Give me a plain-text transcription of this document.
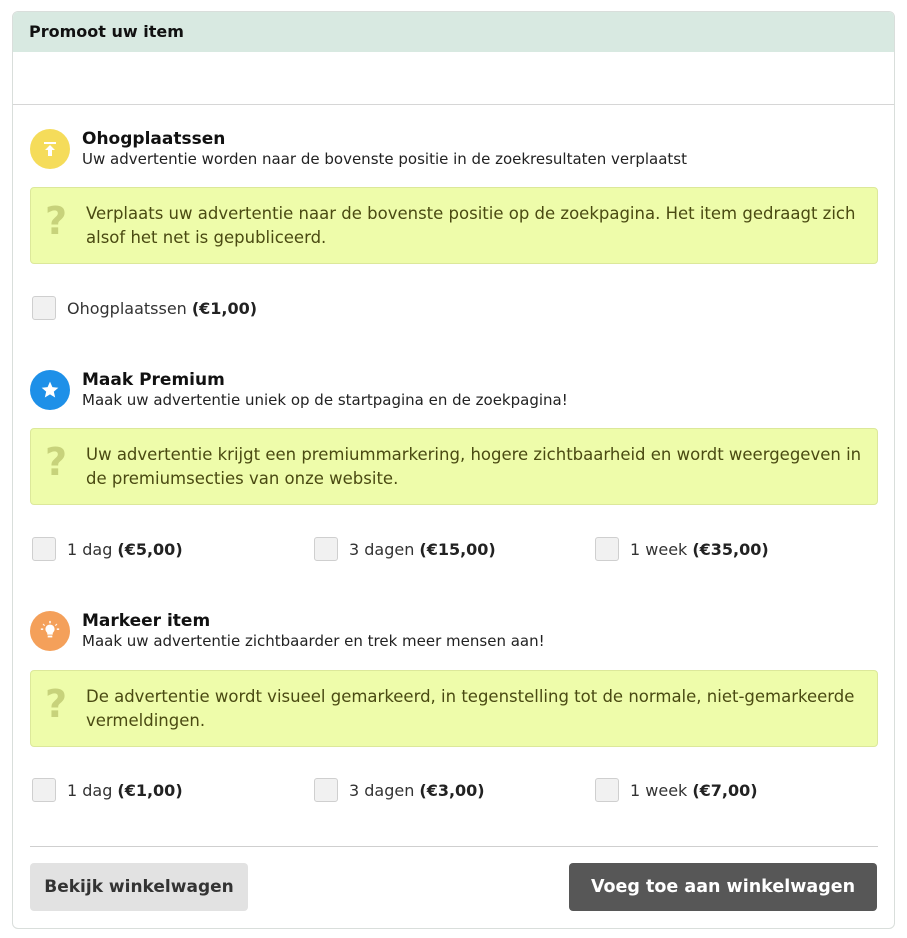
Promoot uw item
Ohogplaatssen
Uw advertentie worden naar de bovenste positie in de zoekresultaten verplaatst
? Verplaats uw advertentie naar de bovenste positie op de zoekpagina. Het item gedraagt zich alsof het net is gepubliceerd.
Ohogplaatssen (€1,00)
Maak Premium
Maak uw advertentie uniek op de startpagina en de zoekpagina!
? Uw advertentie krijgt een premiummarkering, hogere zichtbaarheid en wordt weergegeven in de premiumsecties van onze website.
1 dag (€5,00)	3 dagen (€15,00)	1 week (€35,00)
Markeer item
Maak uw advertentie zichtbaarder en trek meer mensen aan!
? De advertentie wordt visueel gemarkeerd, in tegenstelling tot de normale, niet-gemarkeerde vermeldingen.
1 dag (€1,00)	3 dagen (€3,00)	1 week (€7,00)
Bekijk winkelwagen	Voeg toe aan winkelwagen
